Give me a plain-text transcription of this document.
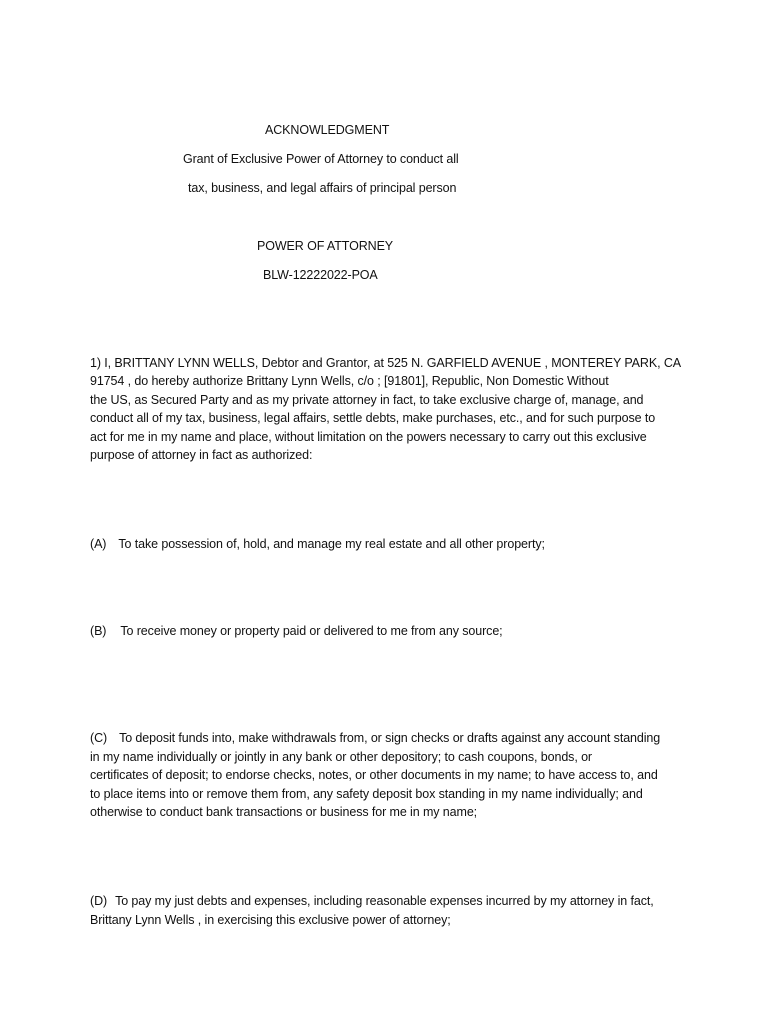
ACKNOWLEDGMENT
Grant of Exclusive Power of Attorney to conduct all
tax, business, and legal affairs of principal person
POWER OF ATTORNEY
BLW-12222022-POA
1) I, BRITTANY LYNN WELLS, Debtor and Grantor, at 525 N. GARFIELD AVENUE , MONTEREY PARK, CA
91754 , do hereby authorize Brittany Lynn Wells, c/o ; [91801], Republic, Non Domestic Without
the US, as Secured Party and as my private attorney in fact, to take exclusive charge of, manage, and
conduct all of my tax, business, legal affairs, settle debts, make purchases, etc., and for such purpose to
act for me in my name and place, without limitation on the powers necessary to carry out this exclusive
purpose of attorney in fact as authorized:
(A) To take possession of, hold, and manage my real estate and all other property;
(B) To receive money or property paid or delivered to me from any source;

(C) To deposit funds into, make withdrawals from, or sign checks or drafts against any account standing
in my name individually or jointly in any bank or other depository; to cash coupons, bonds, or
certificates of deposit; to endorse checks, notes, or other documents in my name; to have access to, and
to place items into or remove them from, any safety deposit box standing in my name individually; and
otherwise to conduct bank transactions or business for me in my name;

(D) To pay my just debts and expenses, including reasonable expenses incurred by my attorney in fact,
Brittany Lynn Wells , in exercising this exclusive power of attorney;
